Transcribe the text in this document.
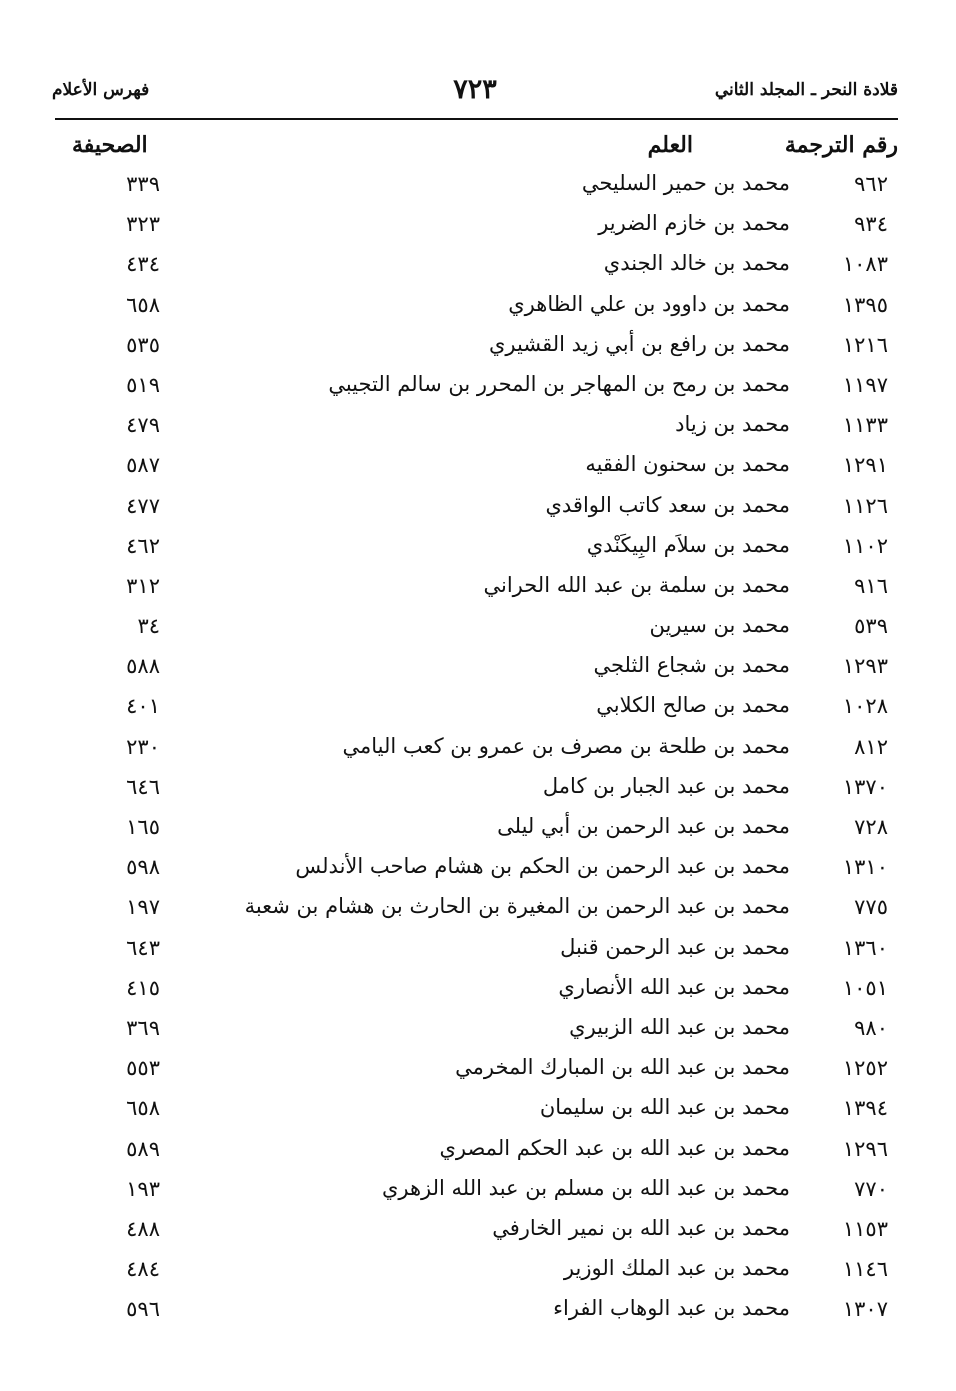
قلادة النحر ـ المجلد الثاني
٧٢٣
فهرس الأعلام
رقم الترجمة
العلم
الصحيفة
٩٦٢
محمد بن حمير السليحي
٣٣٩
٩٣٤
محمد بن خازم الضرير
٣٢٣
١٠٨٣
محمد بن خالد الجندي
٤٣٤
١٣٩٥
محمد بن داوود بن علي الظاهري
٦٥٨
١٢١٦
محمد بن رافع بن أبي زيد القشيري
٥٣٥
١١٩٧
محمد بن رمح بن المهاجر بن المحرر بن سالم التجيبي
٥١٩
١١٣٣
محمد بن زياد
٤٧٩
١٢٩١
محمد بن سحنون الفقيه
٥٨٧
١١٢٦
محمد بن سعد كاتب الواقدي
٤٧٧
١١٠٢
محمد بن سلاَم البِيكَنْدي
٤٦٢
٩١٦
محمد بن سلمة بن عبد الله الحراني
٣١٢
٥٣٩
محمد بن سيرين
٣٤
١٢٩٣
محمد بن شجاع الثلجي
٥٨٨
١٠٢٨
محمد بن صالح الكلابي
٤٠١
٨١٢
محمد بن طلحة بن مصرف بن عمرو بن كعب اليامي
٢٣٠
١٣٧٠
محمد بن عبد الجبار بن كامل
٦٤٦
٧٢٨
محمد بن عبد الرحمن بن أبي ليلى
١٦٥
١٣١٠
محمد بن عبد الرحمن بن الحكم بن هشام صاحب الأندلس
٥٩٨
٧٧٥
محمد بن عبد الرحمن بن المغيرة بن الحارث بن هشام بن شعبة
١٩٧
١٣٦٠
محمد بن عبد الرحمن قنبل
٦٤٣
١٠٥١
محمد بن عبد الله الأنصاري
٤١٥
٩٨٠
محمد بن عبد الله الزبيري
٣٦٩
١٢٥٢
محمد بن عبد الله بن المبارك المخرمي
٥٥٣
١٣٩٤
محمد بن عبد الله بن سليمان
٦٥٨
١٢٩٦
محمد بن عبد الله بن عبد الحكم المصري
٥٨٩
٧٧٠
محمد بن عبد الله بن مسلم بن عبد الله الزهري
١٩٣
١١٥٣
محمد بن عبد الله بن نمير الخارفي
٤٨٨
١١٤٦
محمد بن عبد الملك الوزير
٤٨٤
١٣٠٧
محمد بن عبد الوهاب الفراء
٥٩٦
